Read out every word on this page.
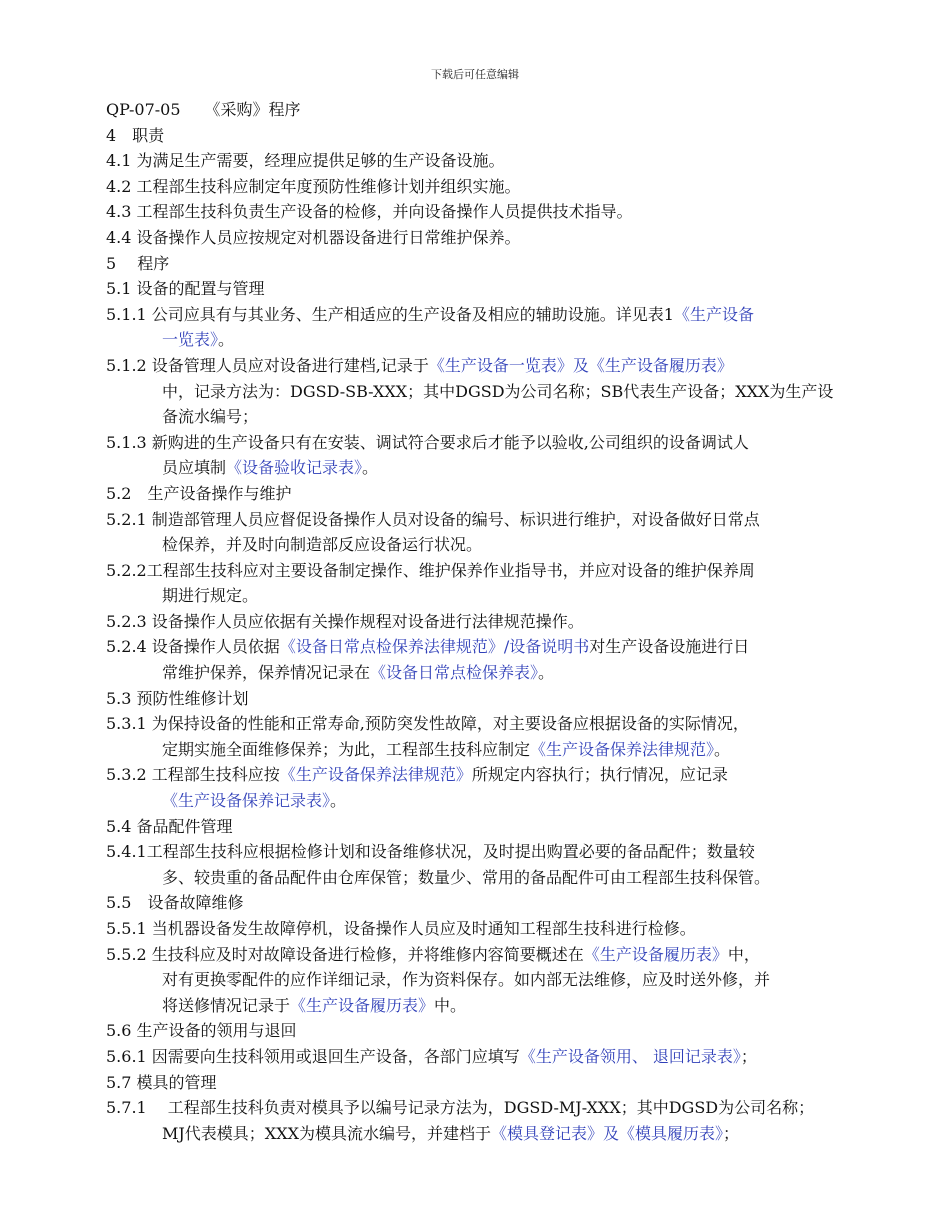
下载后可任意编辑
QP-07-05　　《采购》程序
4　职责
4.1 为满足生产需要，经理应提供足够的生产设备设施。
4.2 工程部生技科应制定年度预防性维修计划并组织实施。
4.3 工程部生技科负责生产设备的检修，并向设备操作人员提供技术指导。
4.4 设备操作人员应按规定对机器设备进行日常维护保养。
5　 程序
5.1 设备的配置与管理
5.1.1 公司应具有与其业务、生产相适应的生产设备及相应的辅助设施。详见表1《生产设备
一览表》。
5.1.2 设备管理人员应对设备进行建档,记录于《生产设备一览表》及《生产设备履历表》
中，记录方法为：DGSD-SB-XXX；其中DGSD为公司名称；SB代表生产设备；XXX为生产设
备流水编号；
5.1.3 新购进的生产设备只有在安装、调试符合要求后才能予以验收,公司组织的设备调试人
员应填制《设备验收记录表》。
5.2　生产设备操作与维护
5.2.1 制造部管理人员应督促设备操作人员对设备的编号、标识进行维护，对设备做好日常点
检保养，并及时向制造部反应设备运行状况。
5.2.2工程部生技科应对主要设备制定操作、维护保养作业指导书，并应对设备的维护保养周
期进行规定。
5.2.3 设备操作人员应依据有关操作规程对设备进行法律规范操作。
5.2.4 设备操作人员依据《设备日常点检保养法律规范》/设备说明书对生产设备设施进行日
常维护保养，保养情况记录在《设备日常点检保养表》。
5.3 预防性维修计划
5.3.1 为保持设备的性能和正常寿命,预防突发性故障，对主要设备应根据设备的实际情况，
定期实施全面维修保养；为此，工程部生技科应制定《生产设备保养法律规范》。
5.3.2 工程部生技科应按《生产设备保养法律规范》所规定内容执行；执行情况，应记录
《生产设备保养记录表》。
5.4 备品配件管理
5.4.1工程部生技科应根据检修计划和设备维修状况，及时提出购置必要的备品配件；数量较
多、较贵重的备品配件由仓库保管；数量少、常用的备品配件可由工程部生技科保管。
5.5　设备故障维修
5.5.1 当机器设备发生故障停机，设备操作人员应及时通知工程部生技科进行检修。
5.5.2 生技科应及时对故障设备进行检修，并将维修内容简要概述在《生产设备履历表》中，
对有更换零配件的应作详细记录，作为资料保存。如内部无法维修，应及时送外修，并
将送修情况记录于《生产设备履历表》中。
5.6 生产设备的领用与退回
5.6.1 因需要向生技科领用或退回生产设备，各部门应填写《生产设备领用、 退回记录表》；
5.7 模具的管理
5.7.1　 工程部生技科负责对模具予以编号记录方法为，DGSD-MJ-XXX；其中DGSD为公司名称；
MJ代表模具；XXX为模具流水编号，并建档于《模具登记表》及《模具履历表》；
